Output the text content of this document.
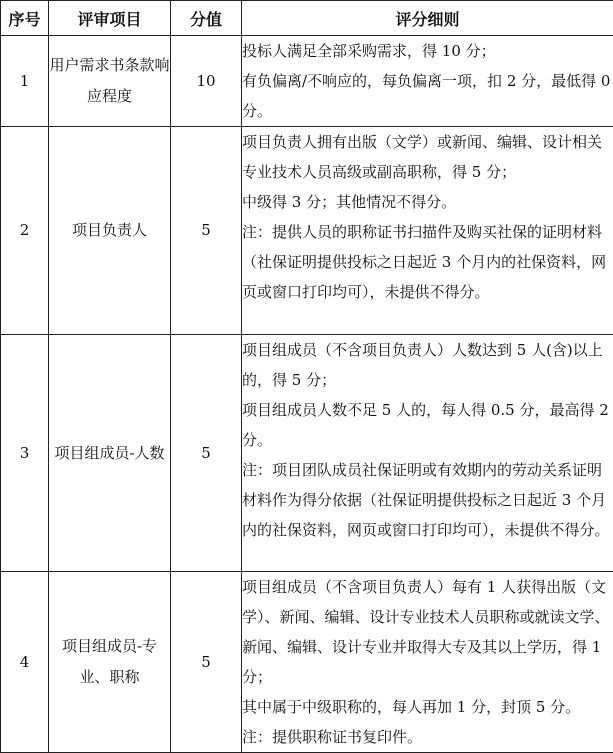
序号	评审项目	分值	评分细则
1	用户需求书条款响应程度	10	投标人满足全部采购需求，得 10 分；
有负偏离/不响应的，每负偏离一项，扣 2 分，最低得 0 分。

2	项目负责人	5	项目负责人拥有出版（文学）或新闻、编辑、设计相关专业技术人员高级或副高职称，得 5 分；
中级得 3 分；其他情况不得分。
注：提供人员的职称证书扫描件及购买社保的证明材料（社保证明提供投标之日起近 3 个月内的社保资料，网页或窗口打印均可），未提供不得分。

3	项目组成员-人数	5	项目组成员（不含项目负责人）人数达到 5 人(含)以上的，得 5 分；
项目组成员人数不足 5 人的，每人得 0.5 分，最高得 2 分。
注：项目团队成员社保证明或有效期内的劳动关系证明材料作为得分依据（社保证明提供投标之日起近 3 个月内的社保资料，网页或窗口打印均可），未提供不得分。

4	项目组成员-专业、职称	5	项目组成员（不含项目负责人）每有 1 人获得出版（文学）、新闻、编辑、设计专业技术人员职称或就读文学、新闻、编辑、设计专业并取得大专及其以上学历，得 1 分；
其中属于中级职称的，每人再加 1 分，封顶 5 分。
注：提供职称证书复印件。
